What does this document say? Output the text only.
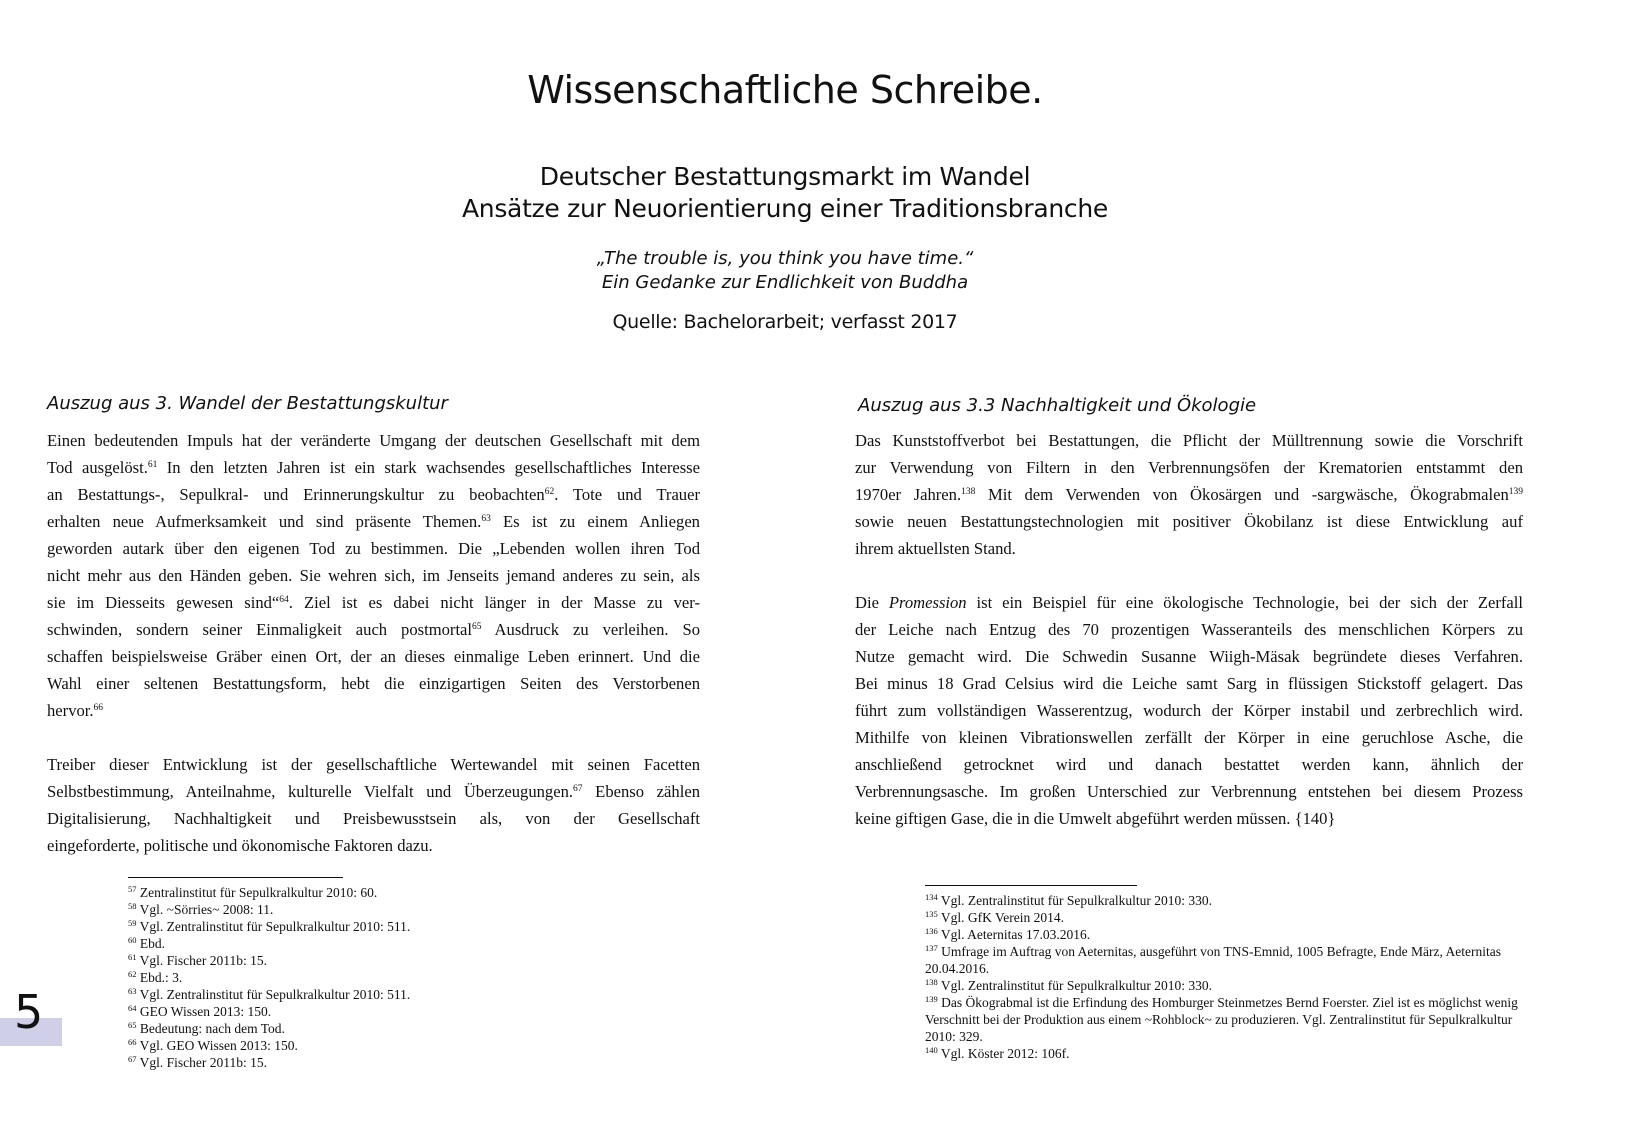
Wissenschaftliche Schreibe.
Deutscher Bestattungsmarkt im Wandel
Ansätze zur Neuorientierung einer Traditionsbranche
„The trouble is, you think you have time.“
Ein Gedanke zur Endlichkeit von Buddha
Quelle: Bachelorarbeit; verfasst 2017
Auszug aus 3. Wandel der Bestattungskultur	Auszug aus 3.3 Nachhaltigkeit und Ökologie
Einen bedeutenden Impuls hat der veränderte Umgang der deutschen Gesellschaft mit dem
Tod ausgelöst.$^{61}$ In den letzten Jahren ist ein stark wachsendes gesellschaftliches Interesse
an Bestattungs-, Sepulkral- und Erinnerungskultur zu beobachten$^{62}$. Tote und Trauer
erhalten neue Aufmerksamkeit und sind präsente Themen.$^{63}$ Es ist zu einem Anliegen
geworden autark über den eigenen Tod zu bestimmen. Die „Lebenden wollen ihren Tod
nicht mehr aus den Händen geben. Sie wehren sich, im Jenseits jemand anderes zu sein, als
sie im Diesseits gewesen sind“$^{64}$. Ziel ist es dabei nicht länger in der Masse zu ver-
schwinden, sondern seiner Einmaligkeit auch postmortal$^{65}$ Ausdruck zu verleihen. So
schaffen beispielsweise Gräber einen Ort, der an dieses einmalige Leben erinnert. Und die
Wahl einer seltenen Bestattungsform, hebt die einzigartigen Seiten des Verstorbenen
hervor.$^{66}$
Treiber dieser Entwicklung ist der gesellschaftliche Wertewandel mit seinen Facetten
Selbstbestimmung, Anteilnahme, kulturelle Vielfalt und Überzeugungen.$^{67}$ Ebenso zählen
Digitalisierung, Nachhaltigkeit und Preisbewusstsein als, von der Gesellschaft
eingeforderte, politische und ökonomische Faktoren dazu.
Das Kunststoffverbot bei Bestattungen, die Pflicht der Mülltrennung sowie die Vorschrift
zur Verwendung von Filtern in den Verbrennungsöfen der Krematorien entstammt den
1970er Jahren.$^{138}$ Mit dem Verwenden von Ökosärgen und -sargwäsche, Ökograbmalen$^{139}$
sowie neuen Bestattungstechnologien mit positiver Ökobilanz ist diese Entwicklung auf
ihrem aktuellsten Stand.
Die Promession ist ein Beispiel für eine ökologische Technologie, bei der sich der Zerfall
der Leiche nach Entzug des 70 prozentigen Wasseranteils des menschlichen Körpers zu
Nutze gemacht wird. Die Schwedin Susanne Wiigh-Mäsak begründete dieses Verfahren.
Bei minus 18 Grad Celsius wird die Leiche samt Sarg in flüssigen Stickstoff gelagert. Das
führt zum vollständigen Wasserentzug, wodurch der Körper instabil und zerbrechlich wird.
Mithilfe von kleinen Vibrationswellen zerfällt der Körper in eine geruchlose Asche, die
anschließend getrocknet wird und danach bestattet werden kann, ähnlich der
Verbrennungsasche. Im großen Unterschied zur Verbrennung entstehen bei diesem Prozess
keine giftigen Gase, die in die Umwelt abgeführt werden müssen. {140}
$^{57}$ Zentralinstitut für Sepulkralkultur 2010: 60.
$^{58}$ Vgl. ~Sörries~ 2008: 11.
$^{59}$ Vgl. Zentralinstitut für Sepulkralkultur 2010: 511.
$^{60}$ Ebd.
$^{61}$ Vgl. Fischer 2011b: 15.
$^{62}$ Ebd.: 3.
$^{63}$ Vgl. Zentralinstitut für Sepulkralkultur 2010: 511.
$^{64}$ GEO Wissen 2013: 150.
$^{65}$ Bedeutung: nach dem Tod.
$^{66}$ Vgl. GEO Wissen 2013: 150.
$^{67}$ Vgl. Fischer 2011b: 15.
$^{134}$ Vgl. Zentralinstitut für Sepulkralkultur 2010: 330.
$^{135}$ Vgl. GfK Verein 2014.
$^{136}$ Vgl. Aeternitas 17.03.2016.
$^{137}$ Umfrage im Auftrag von Aeternitas, ausgeführt von TNS-Emnid, 1005 Befragte, Ende März, Aeternitas 20.04.2016.
$^{138}$ Vgl. Zentralinstitut für Sepulkralkultur 2010: 330.
$^{139}$ Das Ökograbmal ist die Erfindung des Homburger Steinmetzes Bernd Foerster. Ziel ist es möglichst wenig Verschnitt bei der Produktion aus einem ~Rohblock~ zu produzieren. Vgl. Zentralinstitut für Sepulkralkultur 2010: 329.
$^{140}$ Vgl. Köster 2012: 106f.
5
